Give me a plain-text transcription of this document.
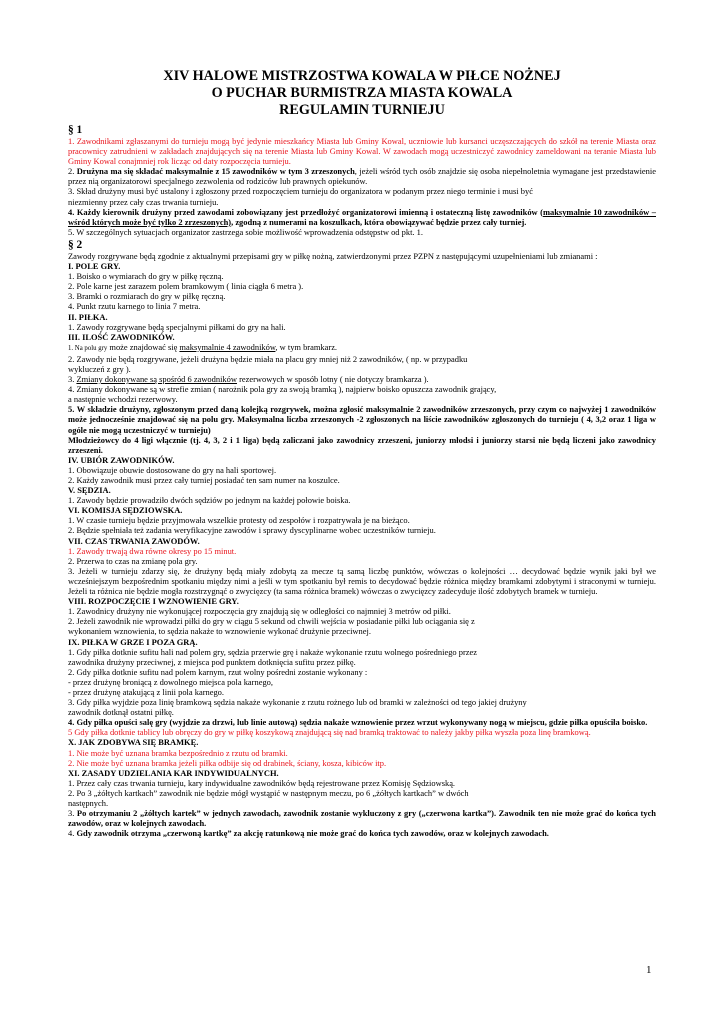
XIV HALOWE MISTRZOSTWA KOWALA W PIŁCE NOŻNEJ
O PUCHAR BURMISTRZA MIASTA KOWALA
REGULAMIN TURNIEJU
§ 1
1. Zawodnikami zgłaszanymi do turnieju mogą być jedynie mieszkańcy Miasta lub Gminy Kowal, uczniowie lub kursanci uczęszczających do szkół na terenie Miasta oraz pracownicy zatrudnieni w zakładach znajdujących się na terenie Miasta lub Gminy Kowal. W zawodach mogą uczestniczyć zawodnicy zameldowani na teranie Miasta lub Gminy Kowal conajmniej rok licząc od daty rozpoczęcia turnieju.
2. Drużyna ma się składać maksymalnie z 15 zawodników w tym 3 zrzeszonych, jeżeli wśród tych osób znajdzie się osoba niepełnoletnia wymagane jest przedstawienie przez nią organizatorowi specjalnego zezwolenia od rodziców lub prawnych opiekunów.
3. Skład drużyny musi być ustalony i zgłoszony przed rozpoczęciem turnieju do organizatora w podanym przez niego terminie i musi być
niezmienny przez cały czas trwania turnieju.
4. Każdy kierownik drużyny przed zawodami zobowiązany jest przedłożyć organizatorowi imienną i ostateczną listę zawodników (maksymalnie 10 zawodników – wśród których może być tylko 2 zrzeszonych), zgodną z numerami na koszulkach, która obowiązywać będzie przez cały turniej.
5. W szczególnych sytuacjach organizator zastrzega sobie możliwość wprowadzenia odstępstw od pkt. 1.
§ 2
Zawody rozgrywane będą zgodnie z aktualnymi przepisami gry w piłkę nożną, zatwierdzonymi przez PZPN z następującymi uzupełnieniami lub zmianami :
I. POLE GRY.
1. Boisko o wymiarach do gry w piłkę ręczną.
2. Pole karne jest zarazem polem bramkowym ( linia ciągła 6 metra ).
3. Bramki o rozmiarach do gry w piłkę ręczną.
4. Punkt rzutu karnego to linia 7 metra.
II. PIŁKA.
1. Zawody rozgrywane będą specjalnymi piłkami do gry na hali.
III. ILOŚĆ ZAWODNIKÓW.
1. Na polu gry może znajdować się maksymalnie 4 zawodników, w tym bramkarz.
2. Zawody nie będą rozgrywane, jeżeli drużyna będzie miała na placu gry mniej niż 2 zawodników, ( np. w przypadku
wykluczeń z gry ).
3. Zmiany dokonywane są spośród 6 zawodników rezerwowych w sposób lotny ( nie dotyczy bramkarza ).
4. Zmiany dokonywane są w strefie zmian ( narożnik pola gry za swoją bramką ), najpierw boisko opuszcza zawodnik grający,
a następnie wchodzi rezerwowy.
5. W składzie drużyny, zgłoszonym przed daną kolejką rozgrywek, można zgłosić maksymalnie 2 zawodników zrzeszonych, przy czym co najwyżej 1 zawodników może jednocześnie znajdować się na polu gry. Maksymalna liczba zrzeszonych -2 zgłoszonych na liście zawodników zgłoszonych do turnieju ( 4, 3,2 oraz 1 liga w ogóle nie mogą uczestniczyć w turnieju)
Młodzieżowcy do 4 ligi włącznie (tj. 4, 3, 2 i 1 liga) będą zaliczani jako zawodnicy zrzeszeni, juniorzy młodsi i juniorzy starsi nie będą liczeni jako zawodnicy zrzeszeni.
IV. UBIÓR ZAWODNIKÓW.
1. Obowiązuje obuwie dostosowane do gry na hali sportowej.
2. Każdy zawodnik musi przez cały turniej posiadać ten sam numer na koszulce.
V. SĘDZIA.
1. Zawody będzie prowadziło dwóch sędziów po jednym na każdej połowie boiska.
VI. KOMISJA SĘDZIOWSKA.
1. W czasie turnieju będzie przyjmowała wszelkie protesty od zespołów i rozpatrywała je na bieżąco.
2. Będzie spełniała też zadania weryfikacyjne zawodów i sprawy dyscyplinarne wobec uczestników turnieju.
VII. CZAS TRWANIA ZAWODÓW.
1. Zawody trwają dwa równe okresy po 15 minut.
2. Przerwa to czas na zmianę pola gry.
3. Jeżeli w turnieju zdarzy się, że drużyny będą miały zdobytą za mecze tą samą liczbę punktów, wówczas o kolejności … decydować będzie wynik jaki był we wcześniejszym bezpośrednim spotkaniu między nimi a jeśli w tym spotkaniu był remis to decydować będzie różnica między bramkami zdobytymi i straconymi w turnieju. Jeżeli ta różnica nie będzie mogła rozstrzygnąć o zwycięzcy (ta sama różnica bramek) wówczas o zwycięzcy zadecyduje ilość zdobytych bramek w turnieju.
VIII. ROZPOCZĘCIE I WZNOWIENIE GRY.
1. Zawodnicy drużyny nie wykonującej rozpoczęcia gry znajdują się w odległości co najmniej 3 metrów od piłki.
2. Jeżeli zawodnik nie wprowadzi piłki do gry w ciągu 5 sekund od chwili wejścia w posiadanie piłki lub ociągania się z
wykonaniem wznowienia, to sędzia nakaże to wznowienie wykonać drużynie przeciwnej.
IX. PIŁKA W GRZE I POZA GRĄ.
1. Gdy piłka dotknie sufitu hali nad polem gry, sędzia przerwie grę i nakaże wykonanie rzutu wolnego pośredniego przez
zawodnika drużyny przeciwnej, z miejsca pod punktem dotknięcia sufitu przez piłkę.
2. Gdy piłka dotknie sufitu nad polem karnym, rzut wolny pośredni zostanie wykonany :
- przez drużynę broniącą z dowolnego miejsca pola karnego,
- przez drużynę atakującą z linii pola karnego.
3. Gdy piłka wyjdzie poza linię bramkową sędzia nakaże wykonanie z rzutu rożnego lub od bramki w zależności od tego jakiej drużyny
zawodnik dotknął ostatni piłkę.
4. Gdy piłka opuści salę gry (wyjdzie za drzwi, lub linie autową) sędzia nakaże wznowienie przez wrzut wykonywany nogą w miejscu, gdzie piłka opuściła boisko.
5 Gdy piłka dotknie tablicy lub obręczy do gry w piłkę koszykową znajdującą się nad bramką traktować to należy jakby piłka wyszła poza linę bramkową.
X. JAK ZDOBYWA SIĘ BRAMKĘ.
1. Nie może być uznana bramka bezpośrednio z rzutu od bramki.
2. Nie może być uznana bramka jeżeli piłka odbije się od drabinek, ściany, kosza, kibiców itp.
XI. ZASADY UDZIELANIA KAR INDYWIDUALNYCH.
1. Przez cały czas trwania turnieju, kary indywidualne zawodników będą rejestrowane przez Komisję Sędziowską.
2. Po 3 „żółtych kartkach” zawodnik nie będzie mógł wystąpić w następnym meczu, po 6 „żółtych kartkach” w dwóch
następnych.
3. Po otrzymaniu 2 „żółtych kartek” w jednych zawodach, zawodnik zostanie wykluczony z gry („czerwona kartka”). Zawodnik ten nie może grać do końca tych zawodów, oraz w kolejnych zawodach.
4. Gdy zawodnik otrzyma „czerwoną kartkę” za akcję ratunkową nie może grać do końca tych zawodów, oraz w kolejnych zawodach.
1
